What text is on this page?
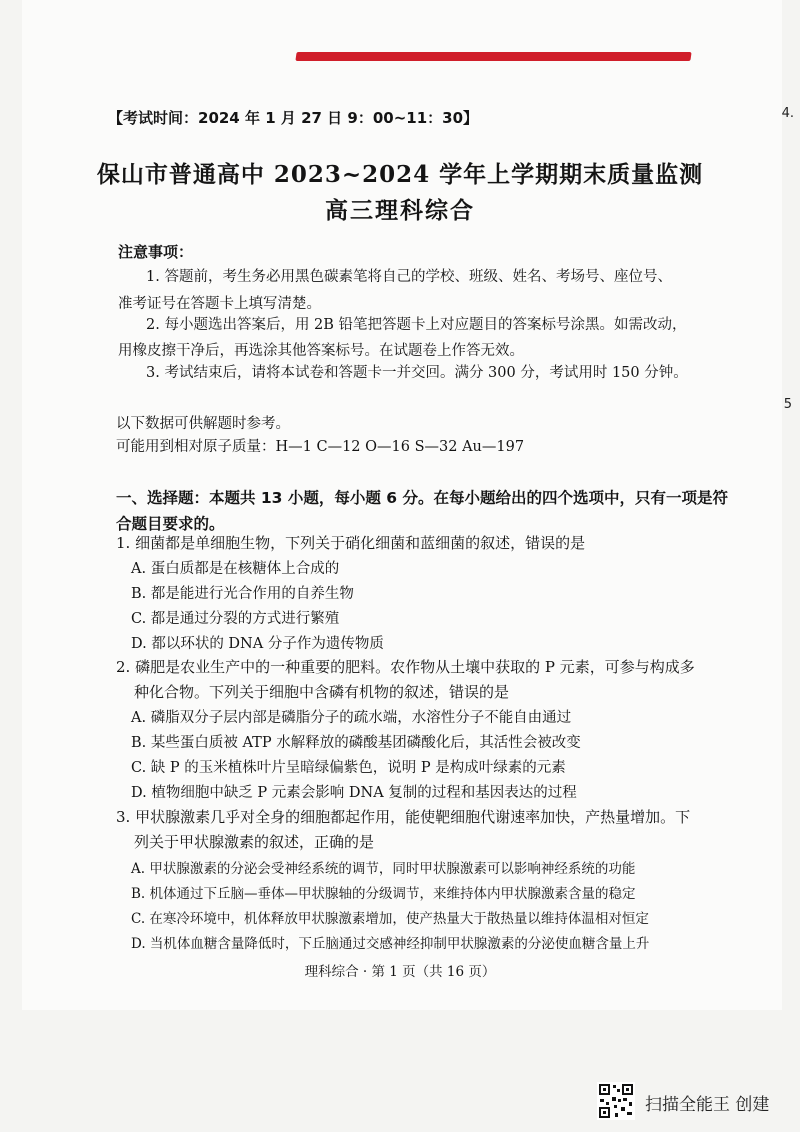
4.
5
【考试时间：2024 年 1 月 27 日 9：00~11：30】
保山市普通高中 2023~2024 学年上学期期末质量监测
高三理科综合
注意事项：
1. 答题前，考生务必用黑色碳素笔将自己的学校、班级、姓名、考场号、座位号、
准考证号在答题卡上填写清楚。
2. 每小题选出答案后，用 2B 铅笔把答题卡上对应题目的答案标号涂黑。如需改动，
用橡皮擦干净后，再选涂其他答案标号。在试题卷上作答无效。
3. 考试结束后，请将本试卷和答题卡一并交回。满分 300 分，考试用时 150 分钟。
以下数据可供解题时参考。
可能用到相对原子质量：H—1 C—12 O—16 S—32 Au—197
一、选择题：本题共 13 小题，每小题 6 分。在每小题给出的四个选项中，只有一项是符
合题目要求的。
1. 细菌都是单细胞生物，下列关于硝化细菌和蓝细菌的叙述，错误的是
A. 蛋白质都是在核糖体上合成的
B. 都是能进行光合作用的自养生物
C. 都是通过分裂的方式进行繁殖
D. 都以环状的 DNA 分子作为遗传物质
2. 磷肥是农业生产中的一种重要的肥料。农作物从土壤中获取的 P 元素，可参与构成多
种化合物。下列关于细胞中含磷有机物的叙述，错误的是
A. 磷脂双分子层内部是磷脂分子的疏水端，水溶性分子不能自由通过
B. 某些蛋白质被 ATP 水解释放的磷酸基团磷酸化后，其活性会被改变
C. 缺 P 的玉米植株叶片呈暗绿偏紫色，说明 P 是构成叶绿素的元素
D. 植物细胞中缺乏 P 元素会影响 DNA 复制的过程和基因表达的过程
3. 甲状腺激素几乎对全身的细胞都起作用，能使靶细胞代谢速率加快，产热量增加。下
列关于甲状腺激素的叙述，正确的是
A. 甲状腺激素的分泌会受神经系统的调节，同时甲状腺激素可以影响神经系统的功能
B. 机体通过下丘脑—垂体—甲状腺轴的分级调节，来维持体内甲状腺激素含量的稳定
C. 在寒冷环境中，机体释放甲状腺激素增加，使产热量大于散热量以维持体温相对恒定
D. 当机体血糖含量降低时，下丘脑通过交感神经抑制甲状腺激素的分泌使血糖含量上升
理科综合 · 第 1 页（共 16 页）
扫描全能王 创建
